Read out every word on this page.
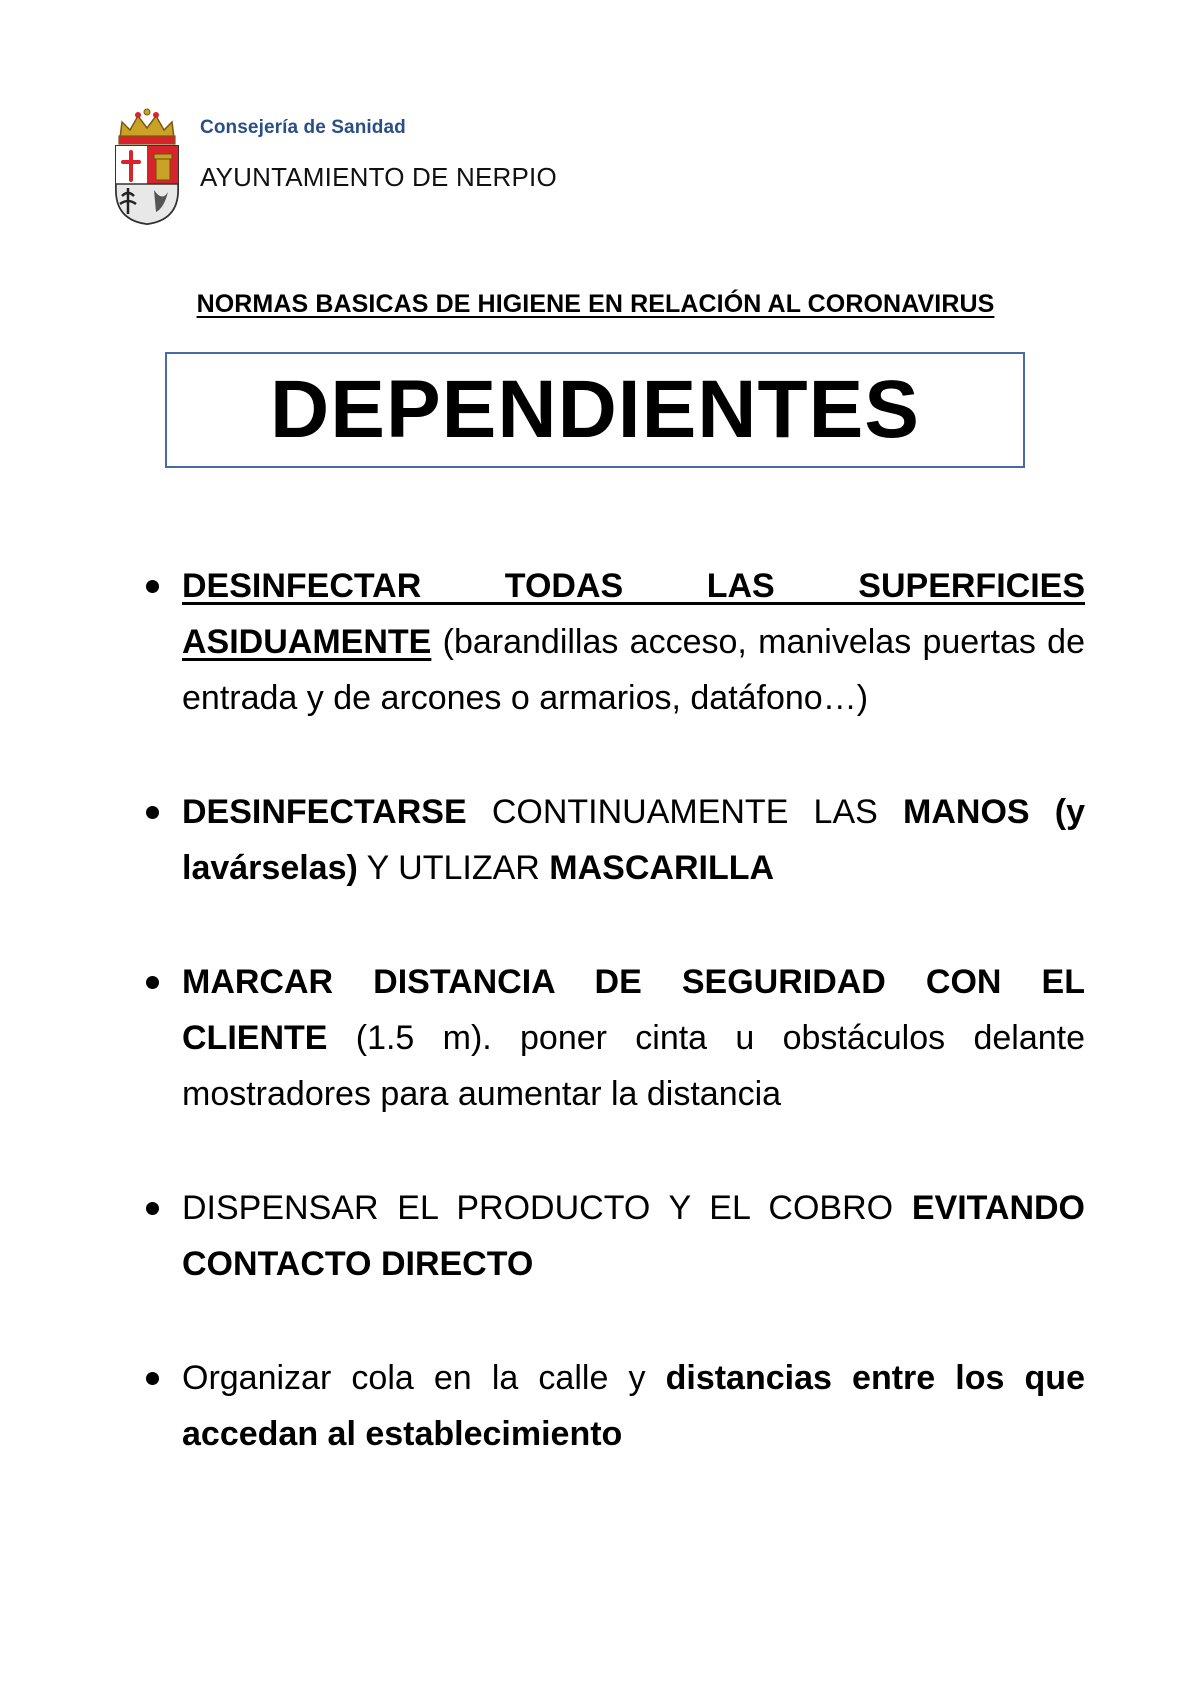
Consejería de Sanidad
AYUNTAMIENTO DE NERPIO
NORMAS BASICAS DE HIGIENE EN RELACIÓN AL CORONAVIRUS
DEPENDIENTES
DESINFECTAR TODAS LAS SUPERFICIES ASIDUAMENTE (barandillas acceso, manivelas puertas de entrada y de arcones o armarios, datáfono…)
DESINFECTARSE CONTINUAMENTE LAS MANOS (y lavárselas) Y UTLIZAR MASCARILLA
MARCAR DISTANCIA DE SEGURIDAD CON EL CLIENTE (1.5 m). poner cinta u obstáculos delante mostradores para aumentar la distancia
DISPENSAR EL PRODUCTO Y EL COBRO EVITANDO CONTACTO DIRECTO
Organizar cola en la calle y distancias entre los que accedan al establecimiento
